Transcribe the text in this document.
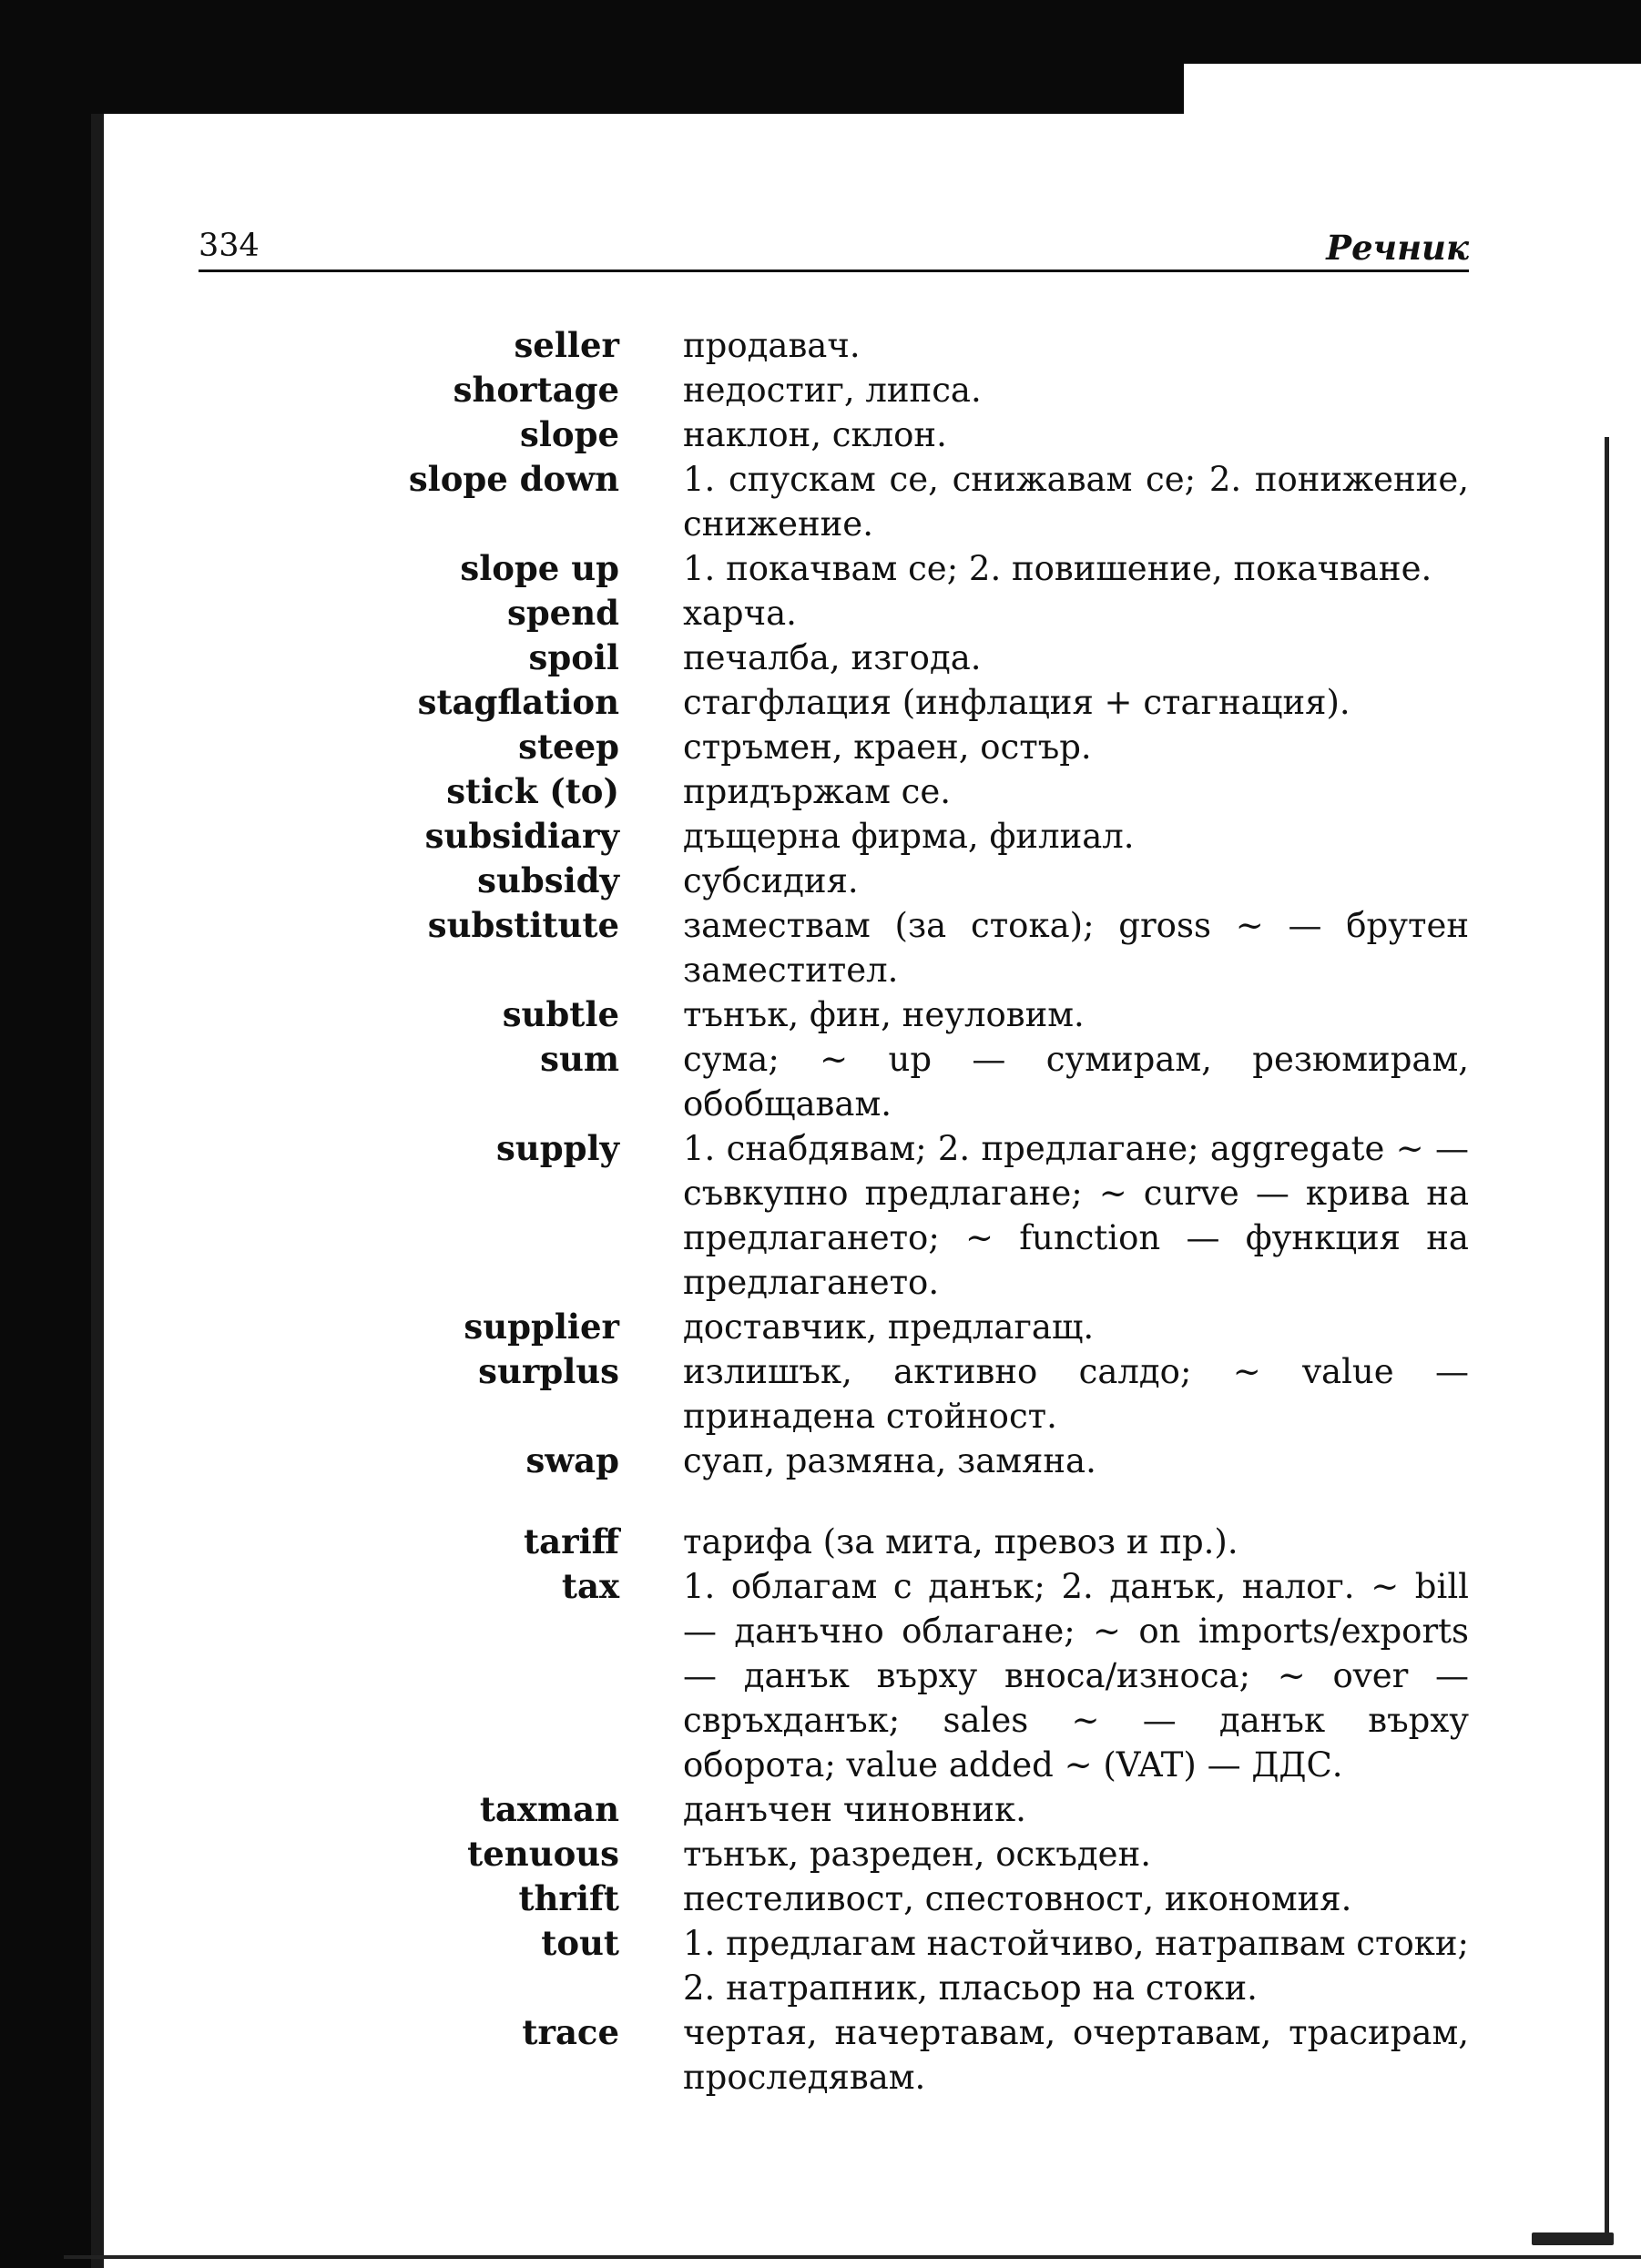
334	Речник
seller продавач.
shortage недостиг, липса.
slope наклон, склон.
slope down 1. спускам се, снижавам се; 2. понижение, снижение.
slope up 1. покачвам се; 2. повишение, покачване.
spend харча.
spoil печалба, изгода.
stagflation стагфлация (инфлация + стагнация).
steep стръмен, краен, остър.
stick (to) придържам се.
subsidiary дъщерна фирма, филиал.
subsidy субсидия.
substitute замествам (за стока); gross ~ — брутен заместител.
subtle тънък, фин, неуловим.
sum сума; ~ up — сумирам, резюмирам, обобщавам.
supply 1. снабдявам; 2. предлагане; aggregate ~ — съвкупно предлагане; ~ curve — крива на предлагането; ~ function — функция на предлагането.
supplier доставчик, предлагащ.
surplus излишък, активно салдо; ~ value — принадена стойност.
swap суап, размяна, замяна.
tariff тарифа (за мита, превоз и пр.).
tax 1. облагам с данък; 2. данък, налог. ~ bill — данъчно облагане; ~ on imports/exports — данък върху вноса/износа; ~ over — свръхданък; sales ~ — данък върху оборота; value added ~ (VAT) — ДДС.
taxman данъчен чиновник.
tenuous тънък, разреден, оскъден.
thrift пестеливост, спестовност, икономия.
tout 1. предлагам настойчиво, натрапвам стоки; 2. натрапник, пласьор на стоки.
trace чертая, начертавам, очертавам, трасирам, проследявам.
